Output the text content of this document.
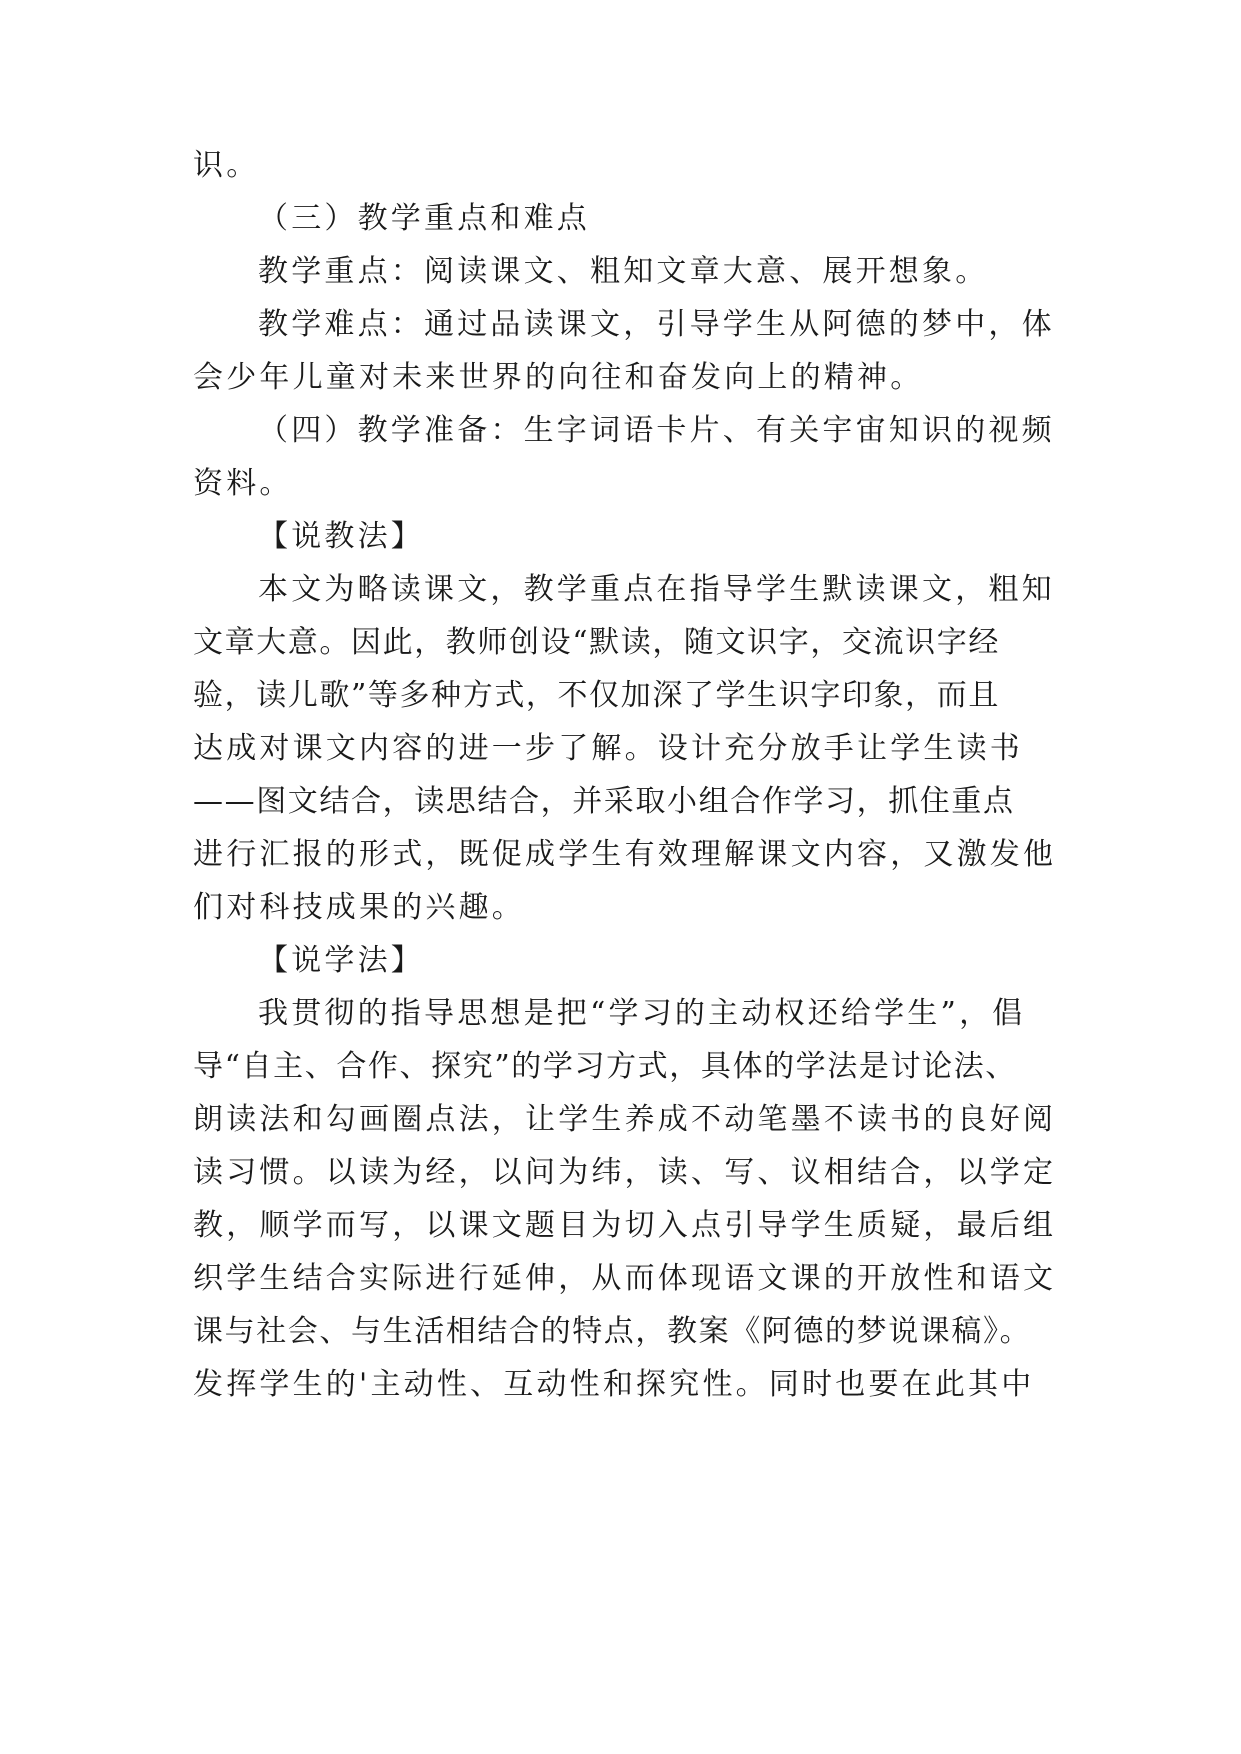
识。
（三）教学重点和难点
教学重点：阅读课文、粗知文章大意、展开想象。
教学难点：通过品读课文，引导学生从阿德的梦中，体
会少年儿童对未来世界的向往和奋发向上的精神。
（四）教学准备：生字词语卡片、有关宇宙知识的视频
资料。
【说教法】
本文为略读课文，教学重点在指导学生默读课文，粗知
文章大意。因此，教师创设“默读，随文识字，交流识字经
验，读儿歌”等多种方式，不仅加深了学生识字印象，而且
达成对课文内容的进一步了解。设计充分放手让学生读书
——图文结合，读思结合，并采取小组合作学习，抓住重点
进行汇报的形式，既促成学生有效理解课文内容，又激发他
们对科技成果的兴趣。
【说学法】
我贯彻的指导思想是把“学习的主动权还给学生”，倡
导“自主、合作、探究”的学习方式，具体的学法是讨论法、
朗读法和勾画圈点法，让学生养成不动笔墨不读书的良好阅
读习惯。以读为经，以问为纬，读、写、议相结合，以学定
教，顺学而写，以课文题目为切入点引导学生质疑，最后组
织学生结合实际进行延伸，从而体现语文课的开放性和语文
课与社会、与生活相结合的特点，教案《阿德的梦说课稿》。
发挥学生的'主动性、互动性和探究性。同时也要在此其中
